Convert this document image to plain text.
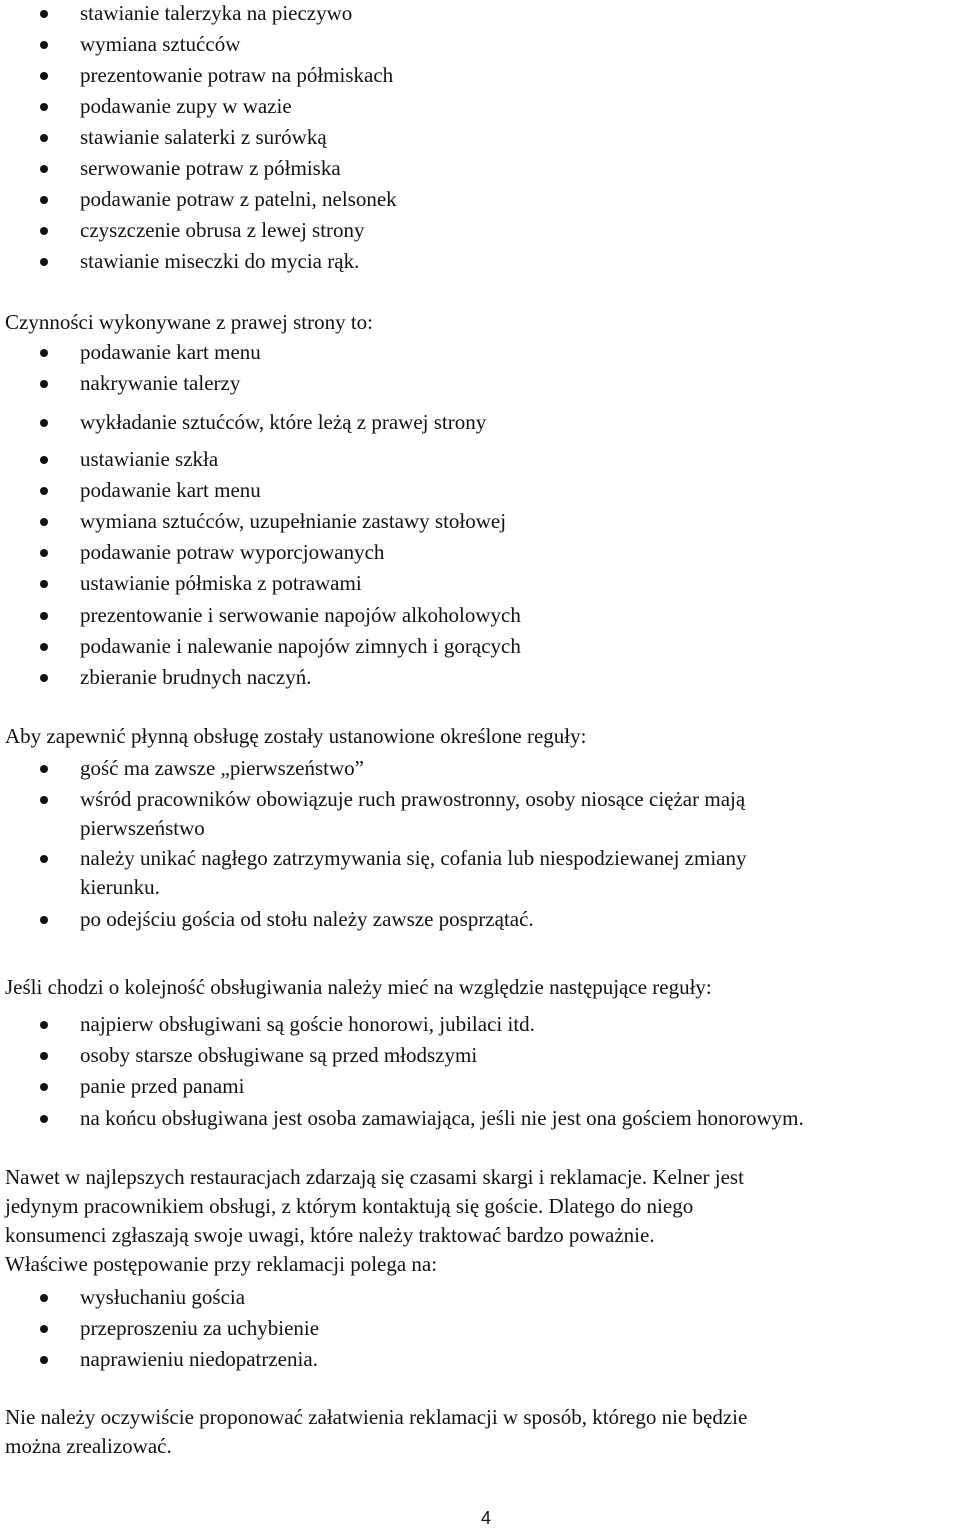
stawianie talerzyka na pieczywo
wymiana sztućców
prezentowanie potraw na półmiskach
podawanie zupy w wazie
stawianie salaterki z surówką
serwowanie potraw z półmiska
podawanie potraw z patelni, nelsonek
czyszczenie obrusa z lewej strony
stawianie miseczki do mycia rąk.
Czynności wykonywane z prawej strony to:
podawanie kart menu
nakrywanie talerzy
wykładanie sztućców, które leżą z prawej strony
ustawianie szkła
podawanie kart menu
wymiana sztućców, uzupełnianie zastawy stołowej
podawanie potraw wyporcjowanych
ustawianie półmiska z potrawami
prezentowanie i serwowanie napojów alkoholowych
podawanie i nalewanie napojów zimnych i gorących
zbieranie brudnych naczyń.
Aby zapewnić płynną obsługę zostały ustanowione określone reguły:
gość ma zawsze „pierwszeństwo”
wśród pracowników obowiązuje ruch prawostronny, osoby niosące ciężar mają
pierwszeństwo
należy unikać nagłego zatrzymywania się, cofania lub niespodziewanej zmiany
kierunku.
po odejściu gościa od stołu należy zawsze posprzątać.
Jeśli chodzi o kolejność obsługiwania należy mieć na względzie następujące reguły:
najpierw obsługiwani są goście honorowi, jubilaci itd.
osoby starsze obsługiwane są przed młodszymi
panie przed panami
na końcu obsługiwana jest osoba zamawiająca, jeśli nie jest ona gościem honorowym.
Nawet w najlepszych restauracjach zdarzają się czasami skargi i reklamacje. Kelner jest
jedynym pracownikiem obsługi, z którym kontaktują się goście. Dlatego do niego
konsumenci zgłaszają swoje uwagi, które należy traktować bardzo poważnie.
Właściwe postępowanie przy reklamacji polega na:
wysłuchaniu gościa
przeproszeniu za uchybienie
naprawieniu niedopatrzenia.
Nie należy oczywiście proponować załatwienia reklamacji w sposób, którego nie będzie
można zrealizować.
4
